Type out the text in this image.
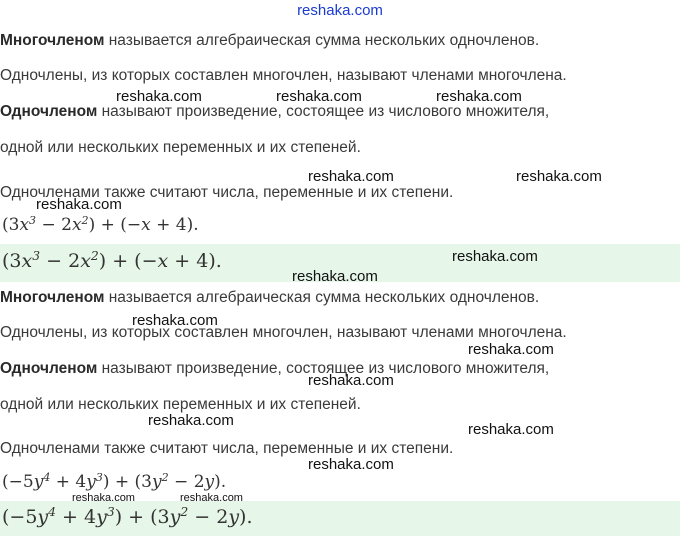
reshaka.com
Многочленом называется алгебраическая сумма нескольких одночленов.
Одночлены, из которых составлен многочлен, называют членами многочлена.
Одночленом называют произведение, состоящее из числового множителя,
одной или нескольких переменных и их степеней.
Одночленами также считают числа, переменные и их степени.
$(3x^3 - 2x^2) + (-x + 4)$.
$(3x^3 - 2x^2) + (-x + 4)$.
Многочленом называется алгебраическая сумма нескольких одночленов.
Одночлены, из которых составлен многочлен, называют членами многочлена.
Одночленом называют произведение, состоящее из числового множителя,
одной или нескольких переменных и их степеней.
Одночленами также считают числа, переменные и их степени.
$(-5y^4 + 4y^3) + (3y^2 - 2y)$.
$(-5y^4 + 4y^3) + (3y^2 - 2y)$.
reshaka.com	reshaka.com	reshaka.com
reshaka.com	reshaka.com
reshaka.com
reshaka.com
reshaka.com
reshaka.com
reshaka.com
reshaka.com
reshaka.com
reshaka.com
reshaka.com
reshaka.com	reshaka.com
